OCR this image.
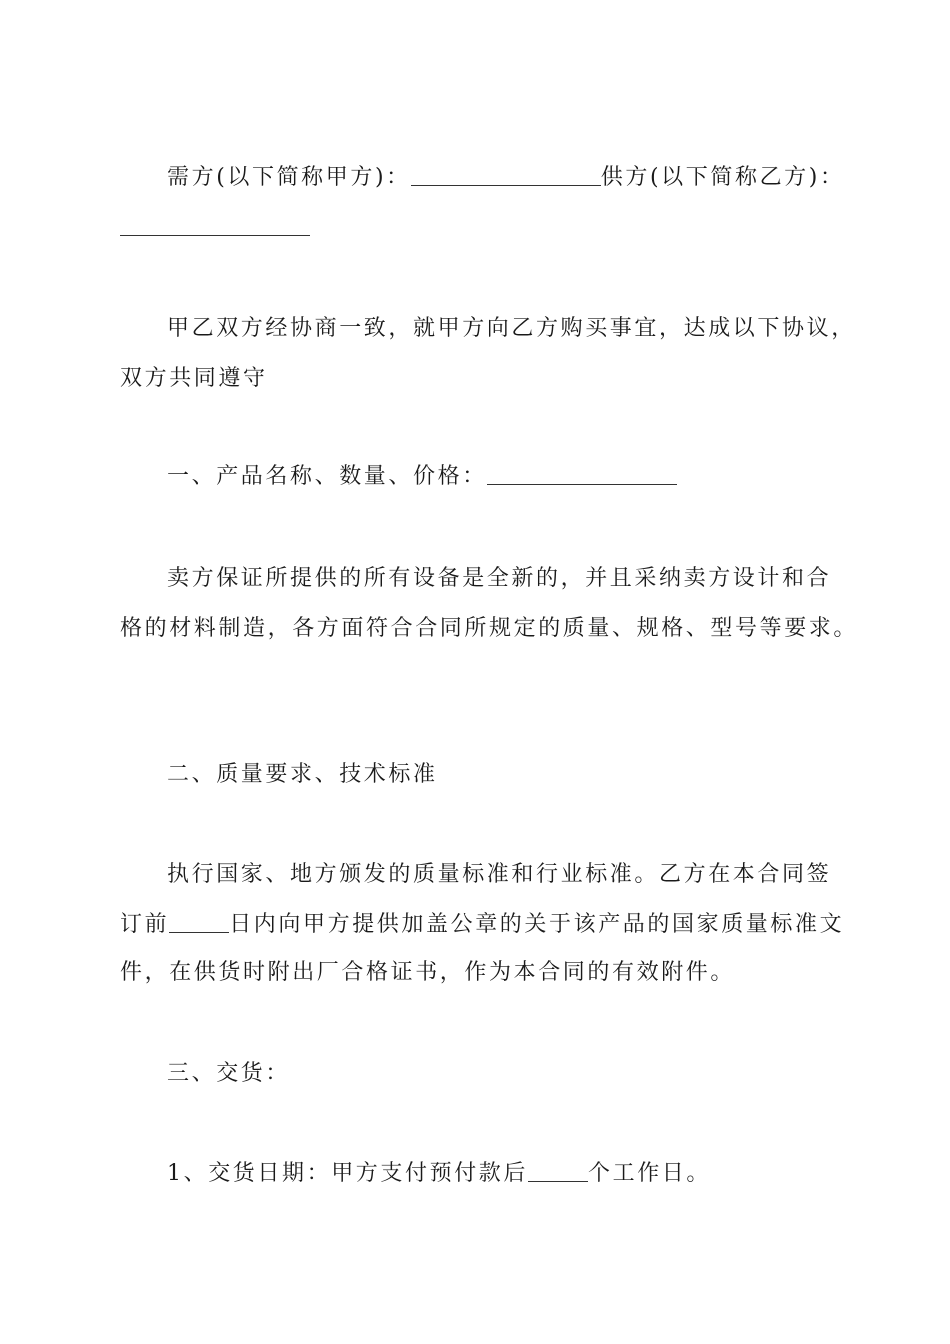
需方(以下简称甲方)：	供方(以下简称乙方)：
甲乙双方经协商一致，就甲方向乙方购买事宜，达成以下协议，
双方共同遵守
一、产品名称、数量、价格：
卖方保证所提供的所有设备是全新的，并且采纳卖方设计和合
格的材料制造，各方面符合合同所规定的质量、规格、型号等要求。
二、质量要求、技术标准
执行国家、地方颁发的质量标准和行业标准。乙方在本合同签
订前	日内向甲方提供加盖公章的关于该产品的国家质量标准文
件，在供货时附出厂合格证书，作为本合同的有效附件。
三、交货：
1、交货日期：甲方支付预付款后	个工作日。
